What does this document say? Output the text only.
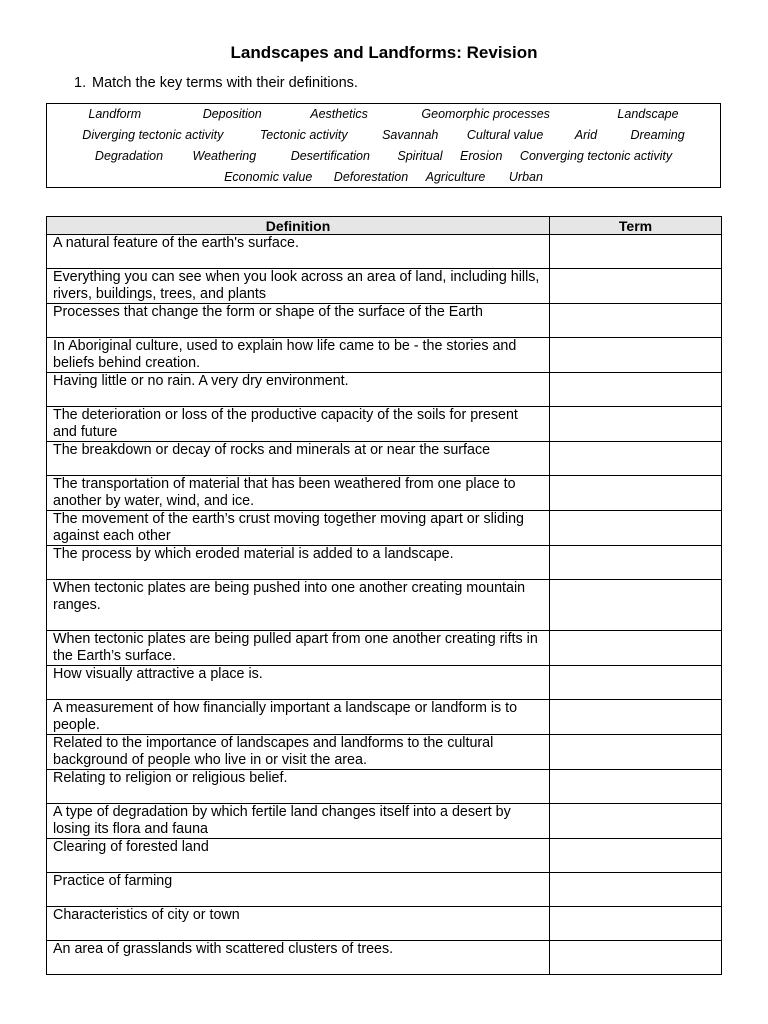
Landscapes and Landforms: Revision
1. Match the key terms with their definitions.
Landform	Deposition	Aesthetics	Geomorphic processes	Landscape
Diverging tectonic activity	Tectonic activity	Savannah Cultural value	Arid	Dreaming
Degradation Weathering	Desertification Spiritual Erosion Converging tectonic activity
Economic value Deforestation Agriculture Urban
Definition	Term
A natural feature of the earth's surface.	
Everything you can see when you look across an area of land, including hills, rivers, buildings, trees, and plants	
Processes that change the form or shape of the surface of the Earth	
In Aboriginal culture, used to explain how life came to be - the stories and beliefs behind creation.	
Having little or no rain. A very dry environment.	
The deterioration or loss of the productive capacity of the soils for present and future	
The breakdown or decay of rocks and minerals at or near the surface	
The transportation of material that has been weathered from one place to another by water, wind, and ice.	
The movement of the earth’s crust moving together moving apart or sliding against each other	
The process by which eroded material is added to a landscape.	
When tectonic plates are being pushed into one another creating mountain ranges.	
When tectonic plates are being pulled apart from one another creating rifts in the Earth’s surface.	
How visually attractive a place is.	
A measurement of how financially important a landscape or landform is to people.	
Related to the importance of landscapes and landforms to the cultural background of people who live in or visit the area.	
Relating to religion or religious belief.	
A type of degradation by which fertile land changes itself into a desert by losing its flora and fauna	
Clearing of forested land	
Practice of farming	
Characteristics of city or town	
An area of grasslands with scattered clusters of trees.	
